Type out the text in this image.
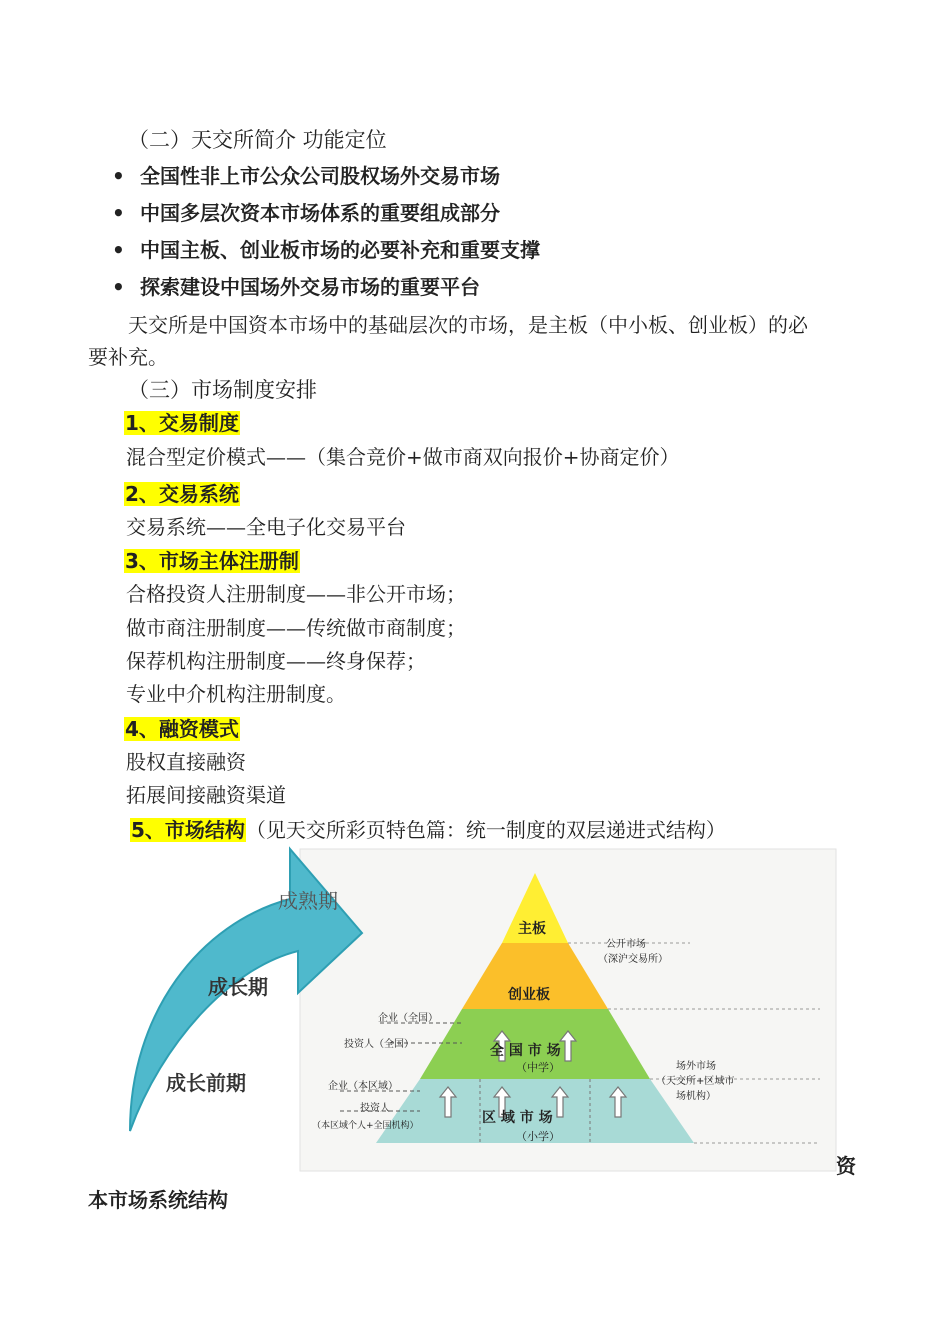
（二）天交所简介 功能定位
• 全国性非上市公众公司股权场外交易市场
• 中国多层次资本市场体系的重要组成部分
• 中国主板、创业板市场的必要补充和重要支撑
• 探索建设中国场外交易市场的重要平台
天交所是中国资本市场中的基础层次的市场，是主板（中小板、创业板）的必
要补充。
（三）市场制度安排
1、交易制度
混合型定价模式——（集合竞价+做市商双向报价+协商定价）
2、交易系统
交易系统——全电子化交易平台
3、市场主体注册制
合格投资人注册制度——非公开市场；
做市商注册制度——传统做市商制度；
保荐机构注册制度——终身保荐；
专业中介机构注册制度。
4、融资模式
股权直接融资
拓展间接融资渠道
5、市场结构（见天交所彩页特色篇：统一制度的双层递进式结构）
成熟期
成长期
成长前期
主板
创业板
全 国 市 场
（中学）
区 域 市 场
（小学）
企业（全国）
投资人（全国）
企业（本区域）
投资人
（本区域个人+全国机构）
公开市场
（深沪交易所）
场外市场
（天交所+区域市
场机构）
资
本市场系统结构
